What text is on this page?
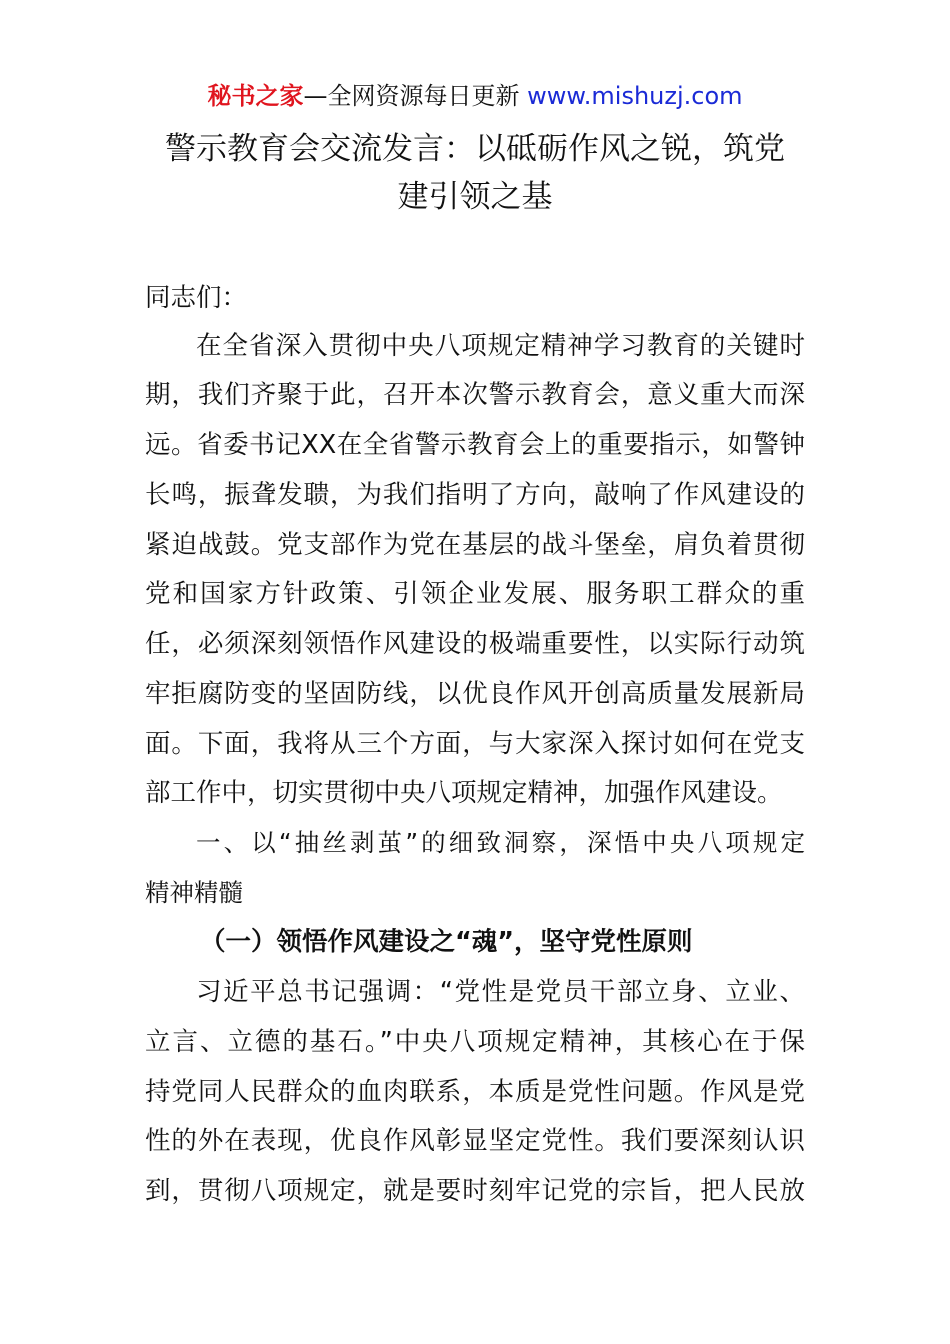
秘书之家—全网资源每日更新 www.mishuzj.com
警示教育会交流发言：以砥砺作风之锐，筑党
建引领之基
同志们：
在全省深入贯彻中央八项规定精神学习教育的关键时
期，我们齐聚于此，召开本次警示教育会，意义重大而深
远。省委书记XX在全省警示教育会上的重要指示，如警钟
长鸣，振聋发聩，为我们指明了方向，敲响了作风建设的
紧迫战鼓。党支部作为党在基层的战斗堡垒，肩负着贯彻
党和国家方针政策、引领企业发展、服务职工群众的重
任，必须深刻领悟作风建设的极端重要性，以实际行动筑
牢拒腐防变的坚固防线，以优良作风开创高质量发展新局
面。下面，我将从三个方面，与大家深入探讨如何在党支
部工作中，切实贯彻中央八项规定精神，加强作风建设。
一、以“抽丝剥茧”的细致洞察，深悟中央八项规定
精神精髓
（一）领悟作风建设之“魂”，坚守党性原则
习近平总书记强调：“党性是党员干部立身、立业、
立言、立德的基石。”中央八项规定精神，其核心在于保
持党同人民群众的血肉联系，本质是党性问题。作风是党
性的外在表现，优良作风彰显坚定党性。我们要深刻认识
到，贯彻八项规定，就是要时刻牢记党的宗旨，把人民放
